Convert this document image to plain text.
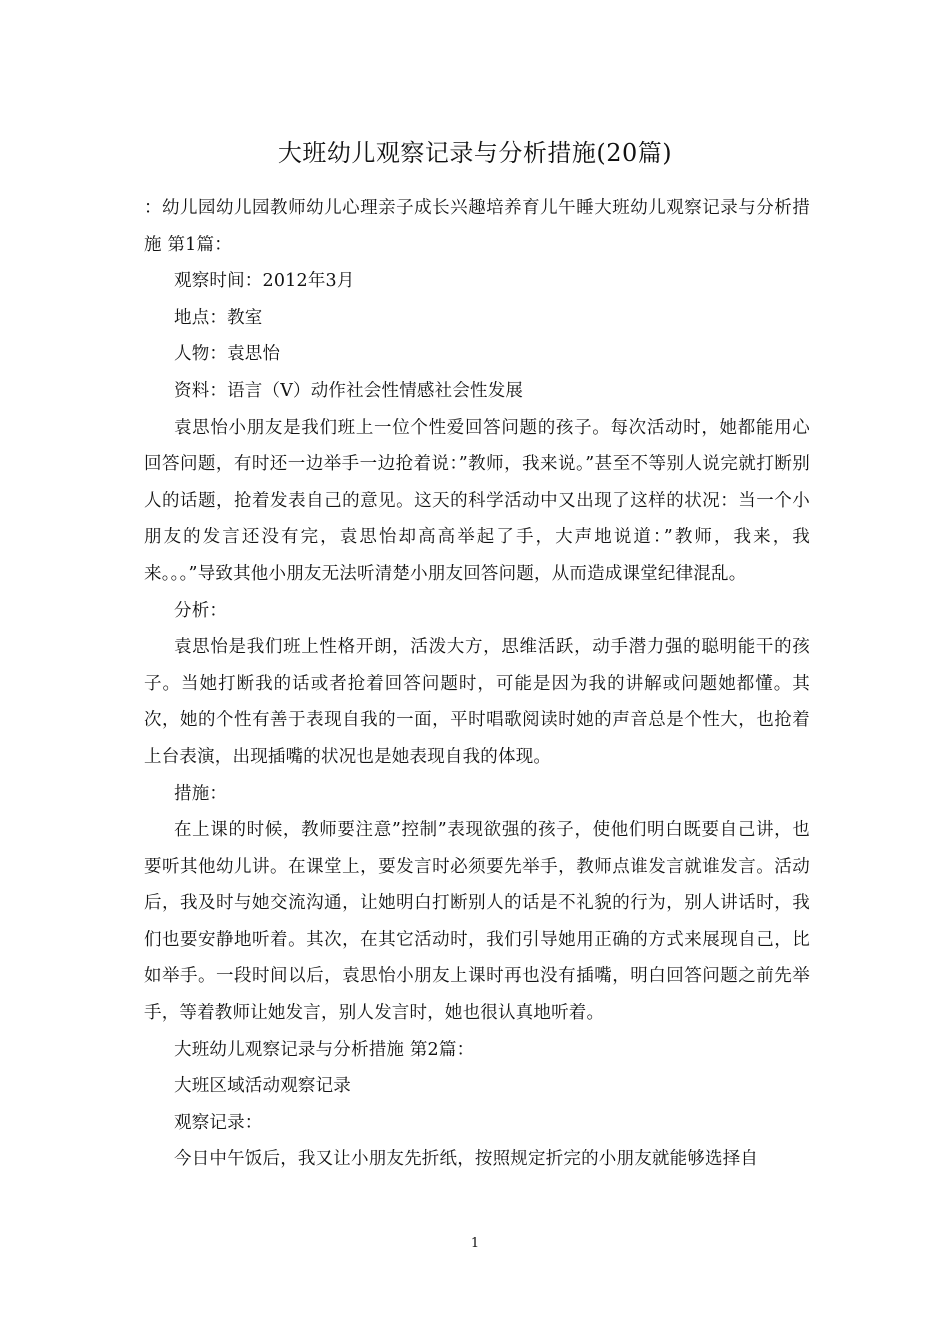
大班幼儿观察记录与分析措施(20篇)

：幼儿园幼儿园教师幼儿心理亲子成长兴趣培养育儿午睡大班幼儿观察记录与分析措施 第1篇：

观察时间：2012年3月

地点：教室

人物：袁思怡

资料：语言（V）动作社会性情感社会性发展

袁思怡小朋友是我们班上一位个性爱回答问题的孩子。每次活动时，她都能用心回答问题，有时还一边举手一边抢着说：”教师，我来说。”甚至不等别人说完就打断别人的话题，抢着发表自己的意见。这天的科学活动中又出现了这样的状况：当一个小朋友的发言还没有完，袁思怡却高高举起了手，大声地说道：”教师，我来，我来。。。”导致其他小朋友无法听清楚小朋友回答问题，从而造成课堂纪律混乱。

分析：

袁思怡是我们班上性格开朗，活泼大方，思维活跃，动手潜力强的聪明能干的孩子。当她打断我的话或者抢着回答问题时，可能是因为我的讲解或问题她都懂。其次，她的个性有善于表现自我的一面，平时唱歌阅读时她的声音总是个性大，也抢着上台表演，出现插嘴的状况也是她表现自我的体现。

措施：

在上课的时候，教师要注意”控制”表现欲强的孩子，使他们明白既要自己讲，也要听其他幼儿讲。在课堂上，要发言时必须要先举手，教师点谁发言就谁发言。活动后，我及时与她交流沟通，让她明白打断别人的话是不礼貌的行为，别人讲话时，我们也要安静地听着。其次，在其它活动时，我们引导她用正确的方式来展现自己，比如举手。一段时间以后，袁思怡小朋友上课时再也没有插嘴，明白回答问题之前先举手，等着教师让她发言，别人发言时，她也很认真地听着。

大班幼儿观察记录与分析措施 第2篇：

大班区域活动观察记录

观察记录：

今日中午饭后，我又让小朋友先折纸，按照规定折完的小朋友就能够选择自

1
